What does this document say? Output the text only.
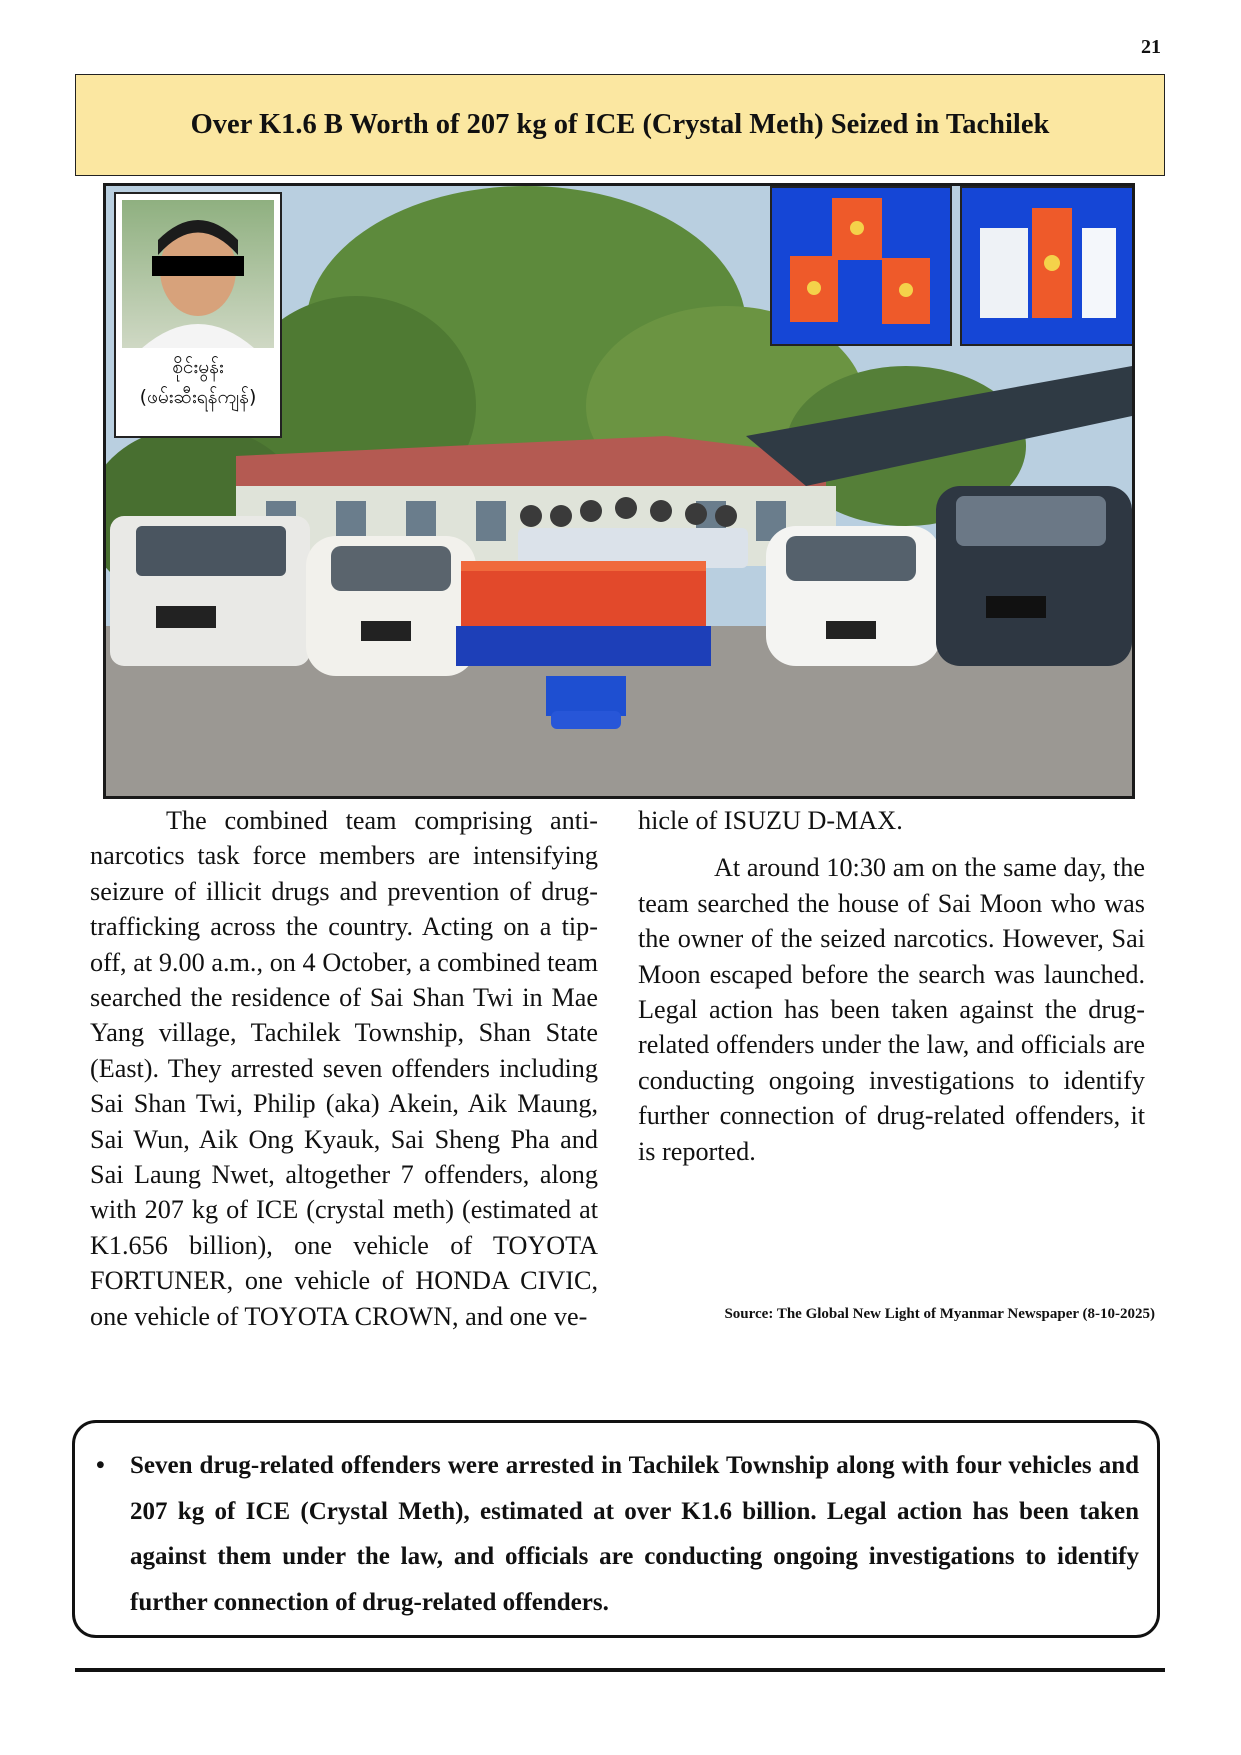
21
Over K1.6 B Worth of 207 kg of ICE (Crystal Meth) Seized in Tachilek
စိုင်းမွန်း
(ဖမ်းဆီးရန်ကျန်)

The combined team comprising anti-narcotics task force members are intensifying seizure of illicit drugs and prevention of drug-trafficking across the country. Acting on a tip-off, at 9.00 a.m., on 4 October, a combined team searched the residence of Sai Shan Twi in Mae Yang village, Tachilek Township, Shan State (East). They arrested seven offenders including Sai Shan Twi, Philip (aka) Akein, Aik Maung, Sai Wun, Aik Ong Kyauk, Sai Sheng Pha and Sai Laung Nwet, altogether 7 offenders, along with 207 kg of ICE (crystal meth) (estimated at K1.656 billion), one vehicle of TOYOTA FORTUNER, one vehicle of HONDA CIVIC, one vehicle of TOYOTA CROWN, and one ve-

hicle of ISUZU D-MAX.

At around 10:30 am on the same day, the team searched the house of Sai Moon who was the owner of the seized narcotics. However, Sai Moon escaped before the search was launched. Legal action has been taken against the drug-related offenders under the law, and officials are conducting ongoing investigations to identify further connection of drug-related offenders, it is reported.

Source: The Global New Light of Myanmar Newspaper (8-10-2025)
• Seven drug-related offenders were arrested in Tachilek Township along with four vehicles and 207 kg of ICE (Crystal Meth), estimated at over K1.6 billion. Legal action has been taken against them under the law, and officials are conducting ongoing investigations to identify further connection of drug-related offenders.
